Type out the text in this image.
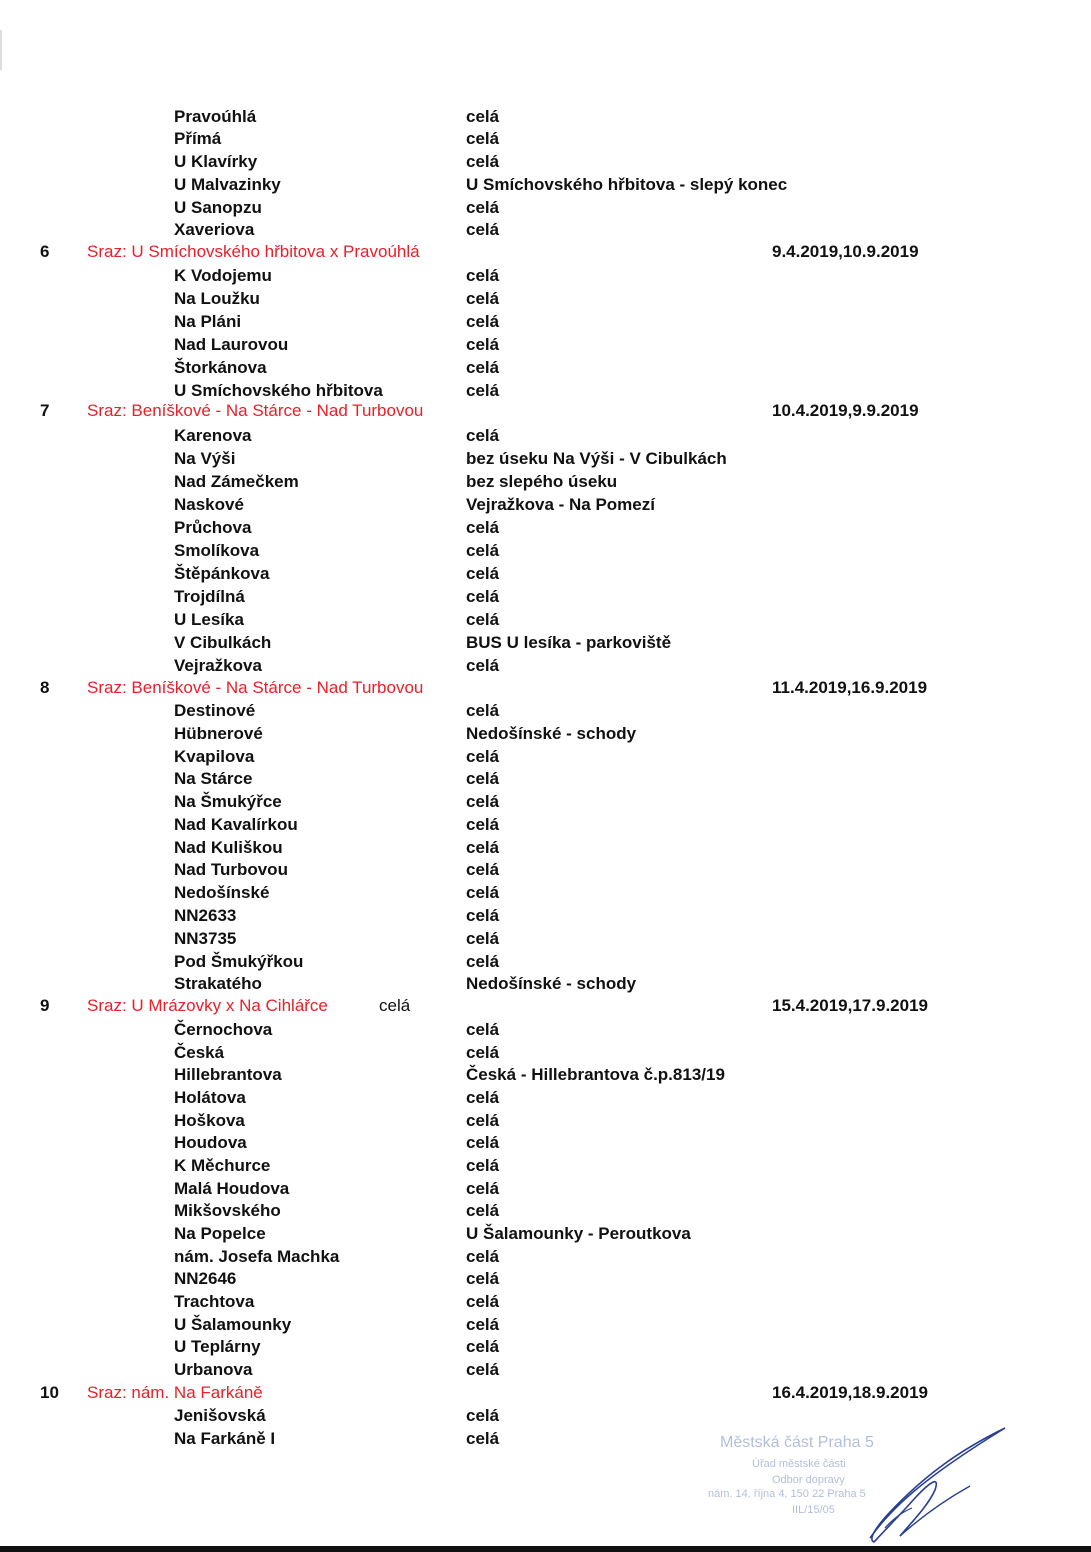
Pravoúhlá	celá
Přímá	celá
U Klavírky	celá
U Malvazinky	U Smíchovského hřbitova - slepý konec
U Sanopzu	celá
Xaveriova	celá
6	Sraz: U Smíchovského hřbitova x Pravoúhlá	9.4.2019,10.9.2019
K Vodojemu	celá
Na Loužku	celá
Na Pláni	celá
Nad Laurovou	celá
Štorkánova	celá
U Smíchovského hřbitova	celá
7	Sraz: Beníškové - Na Stárce - Nad Turbovou	10.4.2019,9.9.2019
Karenova	celá
Na Výši	bez úseku Na Výši - V Cibulkách
Nad Zámečkem	bez slepého úseku
Naskové	Vejražkova - Na Pomezí
Průchova	celá
Smolíkova	celá
Štěpánkova	celá
Trojdílná	celá
U Lesíka	celá
V Cibulkách	BUS U lesíka - parkoviště
Vejražkova	celá
8	Sraz: Beníškové - Na Stárce - Nad Turbovou	11.4.2019,16.9.2019
Destinové	celá
Hübnerové	Nedošínské - schody
Kvapilova	celá
Na Stárce	celá
Na Šmukýřce	celá
Nad Kavalírkou	celá
Nad Kuliškou	celá
Nad Turbovou	celá
Nedošínské	celá
NN2633	celá
NN3735	celá
Pod Šmukýřkou	celá
Strakatého	Nedošínské - schody
9	Sraz: U Mrázovky x Na Cihlářce	celá	15.4.2019,17.9.2019
Černochova	celá
Česká	celá
Hillebrantova	Česká - Hillebrantova č.p.813/19
Holátova	celá
Hoškova	celá
Houdova	celá
K Měchurce	celá
Malá Houdova	celá
Mikšovského	celá
Na Popelce	U Šalamounky - Peroutkova
nám. Josefa Machka	celá
NN2646	celá
Trachtova	celá
U Šalamounky	celá
U Teplárny	celá
Urbanova	celá
10	Sraz: nám. Na Farkáně	16.4.2019,18.9.2019
Jenišovská	celá
Na Farkáně I	celá	Městská část Praha 5
Úřad městské části
Odbor dopravy
nám. 14. října 4, 150 22 Praha 5
IIL/15/05
